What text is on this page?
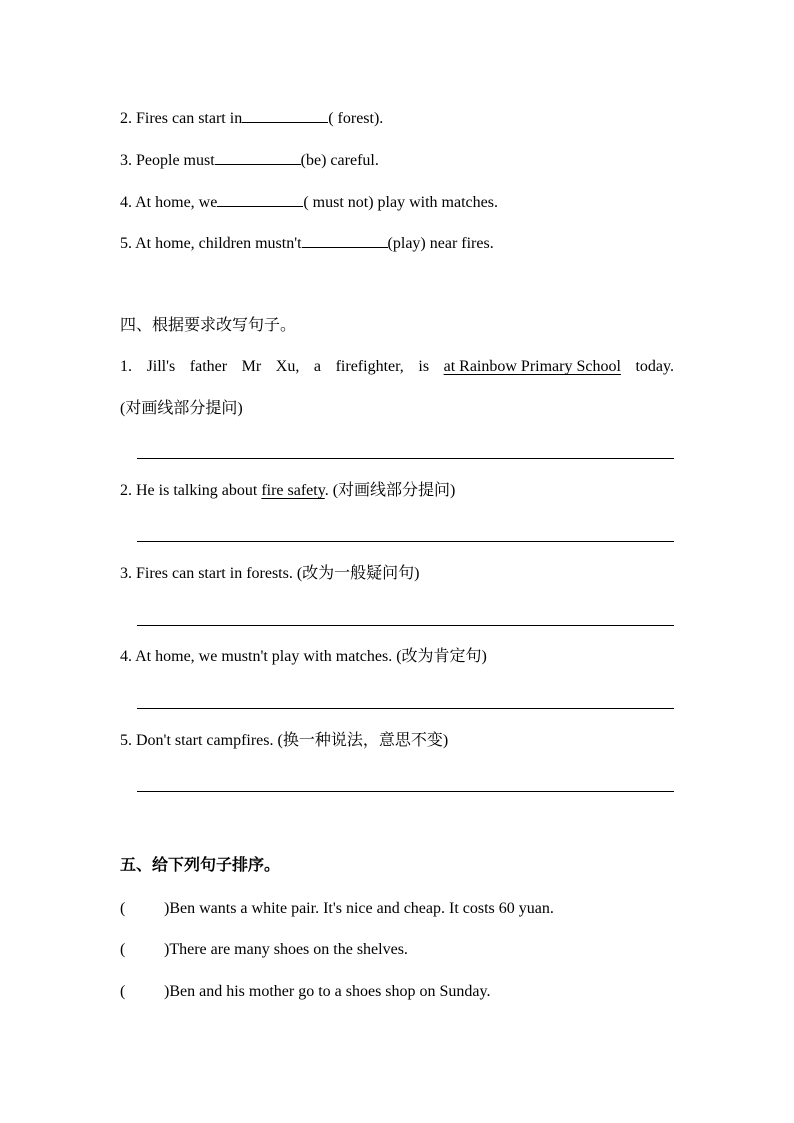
2. Fires can start in	( forest).
3. People must	(be) careful.
4. At home, we	( must not) play with matches.
5. At home, children mustn't	(play) near fires.
四、根据要求改写句子。
1. Jill's father Mr Xu, a firefighter, is at Rainbow Primary School today.
(对画线部分提问)
2. He is talking about fire safety. (对画线部分提问)
3. Fires can start in forests. (改为一般疑问句)
4. At home, we mustn't play with matches. (改为肯定句)
5. Don't start campfires. (换一种说法，意思不变)
五、给下列句子排序。
( )Ben wants a white pair. It's nice and cheap. It costs 60 yuan.
( )There are many shoes on the shelves.
( )Ben and his mother go to a shoes shop on Sunday.
